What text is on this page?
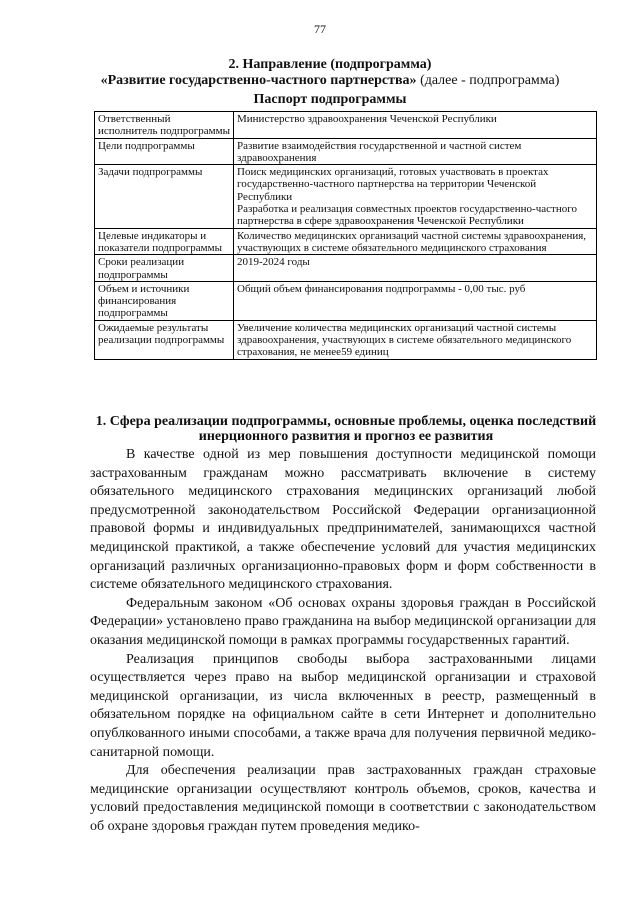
77
2. Направление (подпрограмма)
«Развитие государственно-частного партнерства» (далее - подпрограмма)
Паспорт подпрограммы
Ответственный исполнитель подпрограммы	Министерство здравоохранения Чеченской Республики
Цели подпрограммы	Развитие взаимодействия государственной и частной систем здравоохранения
Задачи подпрограммы	Поиск медицинских организаций, готовых участвовать в проектах государственно-частного партнерства на территории Чеченской Республики
Разработка и реализация совместных проектов государственно-частного партнерства в сфере здравоохранения Чеченской Республики

Целевые индикаторы и показатели подпрограммы	Количество медицинских организаций частной системы здравоохранения, участвующих в системе обязательного медицинского страхования
Сроки реализации подпрограммы	2019-2024 годы
Объем и источники финансирования подпрограммы	Общий объем финансирования подпрограммы - 0,00 тыс. руб
Ожидаемые результаты реализации подпрограммы	Увеличение количества медицинских организаций частной системы здравоохранения, участвующих в системе обязательного медицинского страхования, не менее59 единиц
1. Сфера реализации подпрограммы, основные проблемы, оценка последствий инерционного развития и прогноз ее развития

В качестве одной из мер повышения доступности медицинской помощи застрахованным гражданам можно рассматривать включение в систему обязательного медицинского страхования медицинских организаций любой предусмотренной законодательством Российской Федерации организационной правовой формы и индивидуальных предпринимателей, занимающихся частной медицинской практикой, а также обеспечение условий для участия медицинских организаций различных организационно-правовых форм и форм собственности в системе обязательного медицинского страхования.

Федеральным законом «Об основах охраны здоровья граждан в Российской Федерации» установлено право гражданина на выбор медицинской организации для оказания медицинской помощи в рамках программы государственных гарантий.

Реализация принципов свободы выбора застрахованными лицами осуществляется через право на выбор медицинской организации и страховой медицинской организации, из числа включенных в реестр, размещенный в обязательном порядке на официальном сайте в сети Интернет и дополнительно опублкованного иными способами, а также врача для получения первичной медико-санитарной помощи.

Для обеспечения реализации прав застрахованных граждан страховые медицинские организации осуществляют контроль объемов, сроков, качества и условий предоставления медицинской помощи в соответствии с законодательством об охране здоровья граждан путем проведения медико-
